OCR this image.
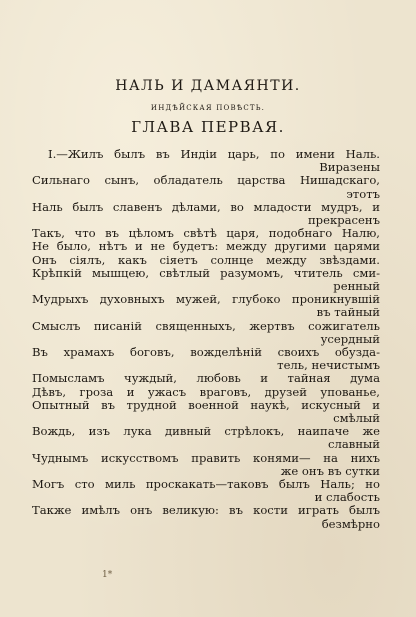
НАЛЬ И ДАМАЯНТИ.
ИНДѢЙСКАЯ ПОВѢСТЬ.
ГЛАВА ПЕРВАЯ.
I.—Жилъ былъ въ Индiи царь, по имени Наль.
Виразены
Сильнаго сынъ, обладатель царства Нишадскаго,
этотъ
Наль былъ славенъ дѣлами, во младости мудръ, и
прекрасенъ
Такъ, что въ цѣломъ свѣтѣ царя, подобнаго Налю,
Не было, нѣтъ и не будетъ: между другими царями
Онъ сiялъ, какъ сiяетъ солнце между звѣздами.
Крѣпкiй мышцею, свѣтлый разумомъ, чтитель сми-
ренный
Мудрыхъ духовныхъ мужей, глубоко проникнувшiй
въ тайный
Смыслъ писанiй священныхъ, жертвъ сожигатель
усердный
Въ храмахъ боговъ, вожделѣнiй своихъ обузда-
тель, нечистымъ
Помысламъ чуждый, любовь и тайная дума
Дѣвъ, гроза и ужасъ враговъ, друзей упованье,
Опытный въ трудной военной наукѣ, искусный и
смѣлый
Вождь, изъ лука дивный стрѣлокъ, наипаче же
славный
Чуднымъ искусствомъ править конями— на нихъ
же онъ въ сутки
Могъ сто миль проскакать—таковъ былъ Наль; но
и слабость
Также имѣлъ онъ великую: въ кости играть былъ
безмѣрно
1*
